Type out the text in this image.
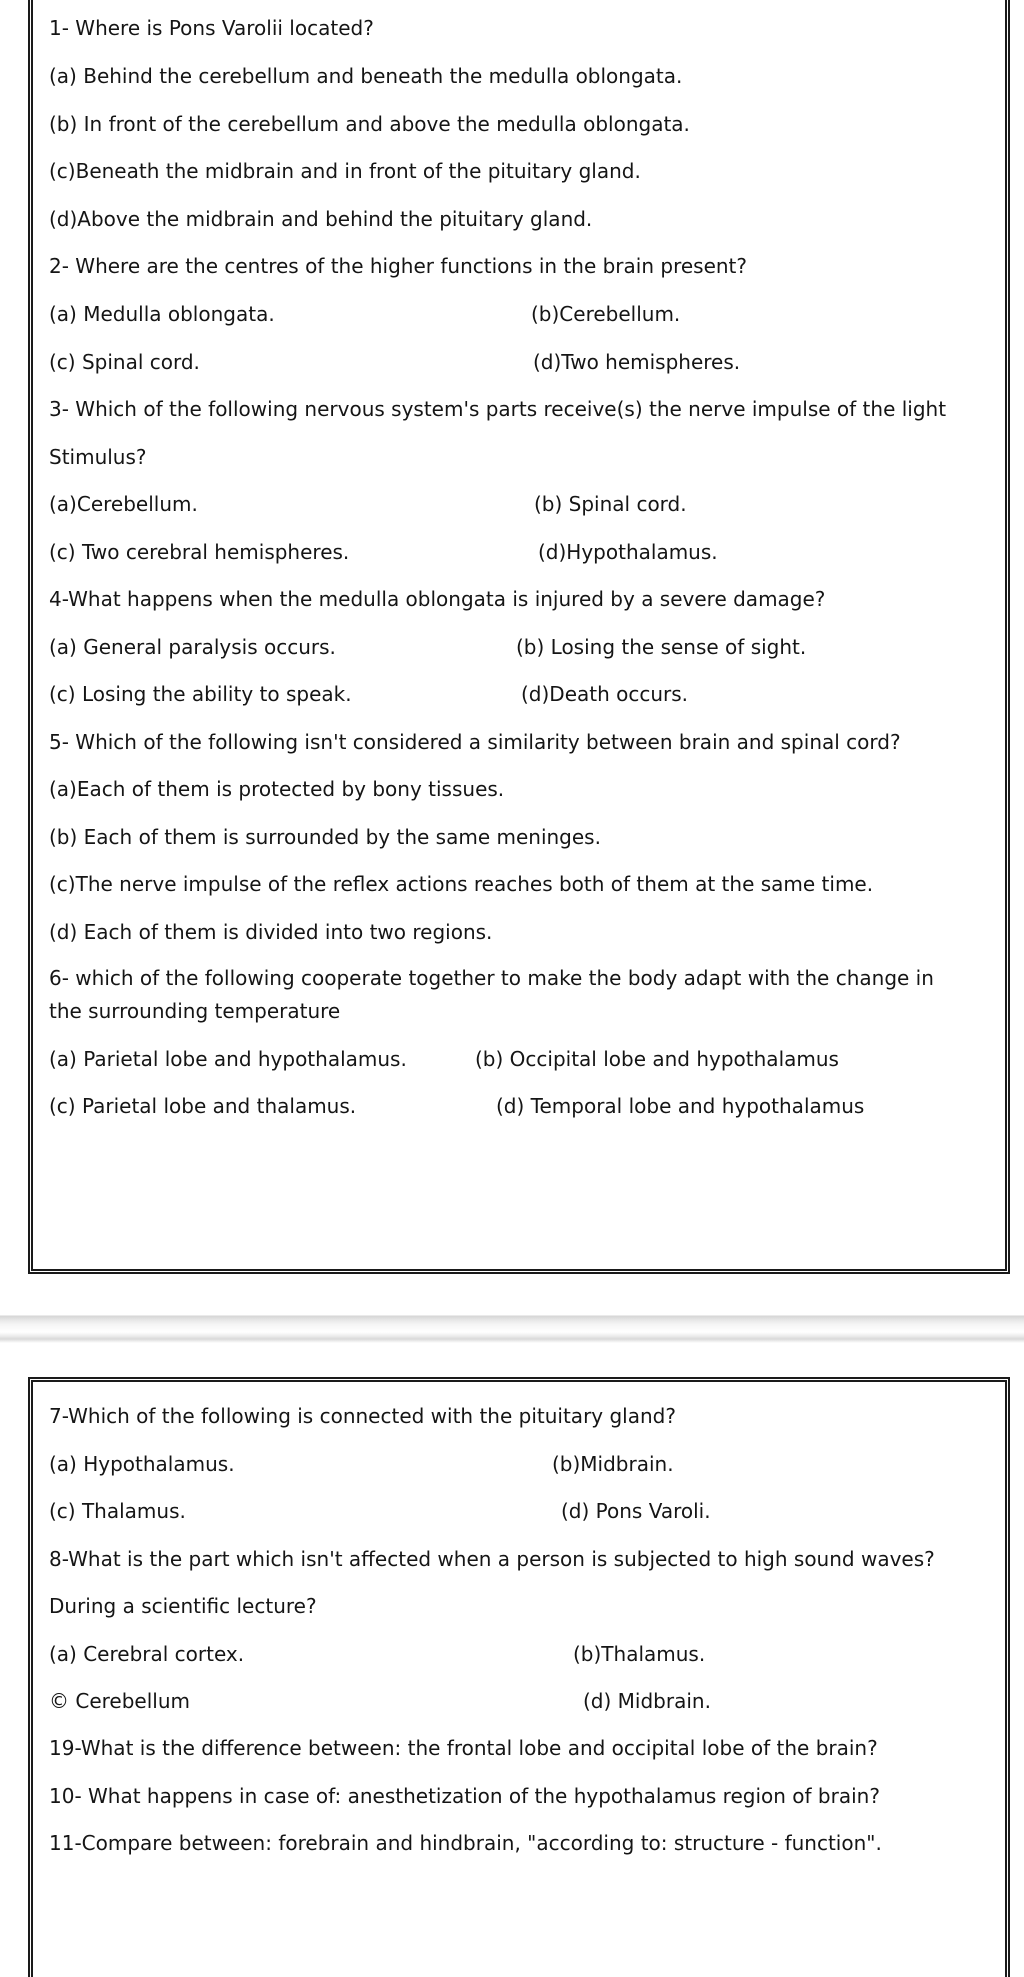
1- Where is Pons Varolii located?

(a) Behind the cerebellum and beneath the medulla oblongata.

(b) In front of the cerebellum and above the medulla oblongata.

(c)Beneath the midbrain and in front of the pituitary gland.

(d)Above the midbrain and behind the pituitary gland.

2- Where are the centres of the higher functions in the brain present?

(a) Medulla oblongata.	(b)Cerebellum.
(c) Spinal cord.	(d)Two hemispheres.

3- Which of the following nervous system's parts receive(s) the nerve impulse of the light

Stimulus?

(a)Cerebellum.	(b) Spinal cord.
(c) Two cerebral hemispheres.	(d)Hypothalamus.

4-What happens when the medulla oblongata is injured by a severe damage?

(a) General paralysis occurs.	(b) Losing the sense of sight.
(c) Losing the ability to speak.	(d)Death occurs.

5- Which of the following isn't considered a similarity between brain and spinal cord?

(a)Each of them is protected by bony tissues.

(b) Each of them is surrounded by the same meninges.

(c)The nerve impulse of the reflex actions reaches both of them at the same time.

(d) Each of them is divided into two regions.

6- which of the following cooperate together to make the body adapt with the change in

the surrounding temperature

(a) Parietal lobe and hypothalamus.	(b) Occipital lobe and hypothalamus
(c) Parietal lobe and thalamus.	(d) Temporal lobe and hypothalamus

7-Which of the following is connected with the pituitary gland?

(a) Hypothalamus.	(b)Midbrain.
(c) Thalamus.	(d) Pons Varoli.

8-What is the part which isn't affected when a person is subjected to high sound waves?

During a scientific lecture?

(a) Cerebral cortex.	(b)Thalamus.
© Cerebellum	(d) Midbrain.

19-What is the difference between: the frontal lobe and occipital lobe of the brain?

10- What happens in case of: anesthetization of the hypothalamus region of brain?

11-Compare between: forebrain and hindbrain, "according to: structure - function".
